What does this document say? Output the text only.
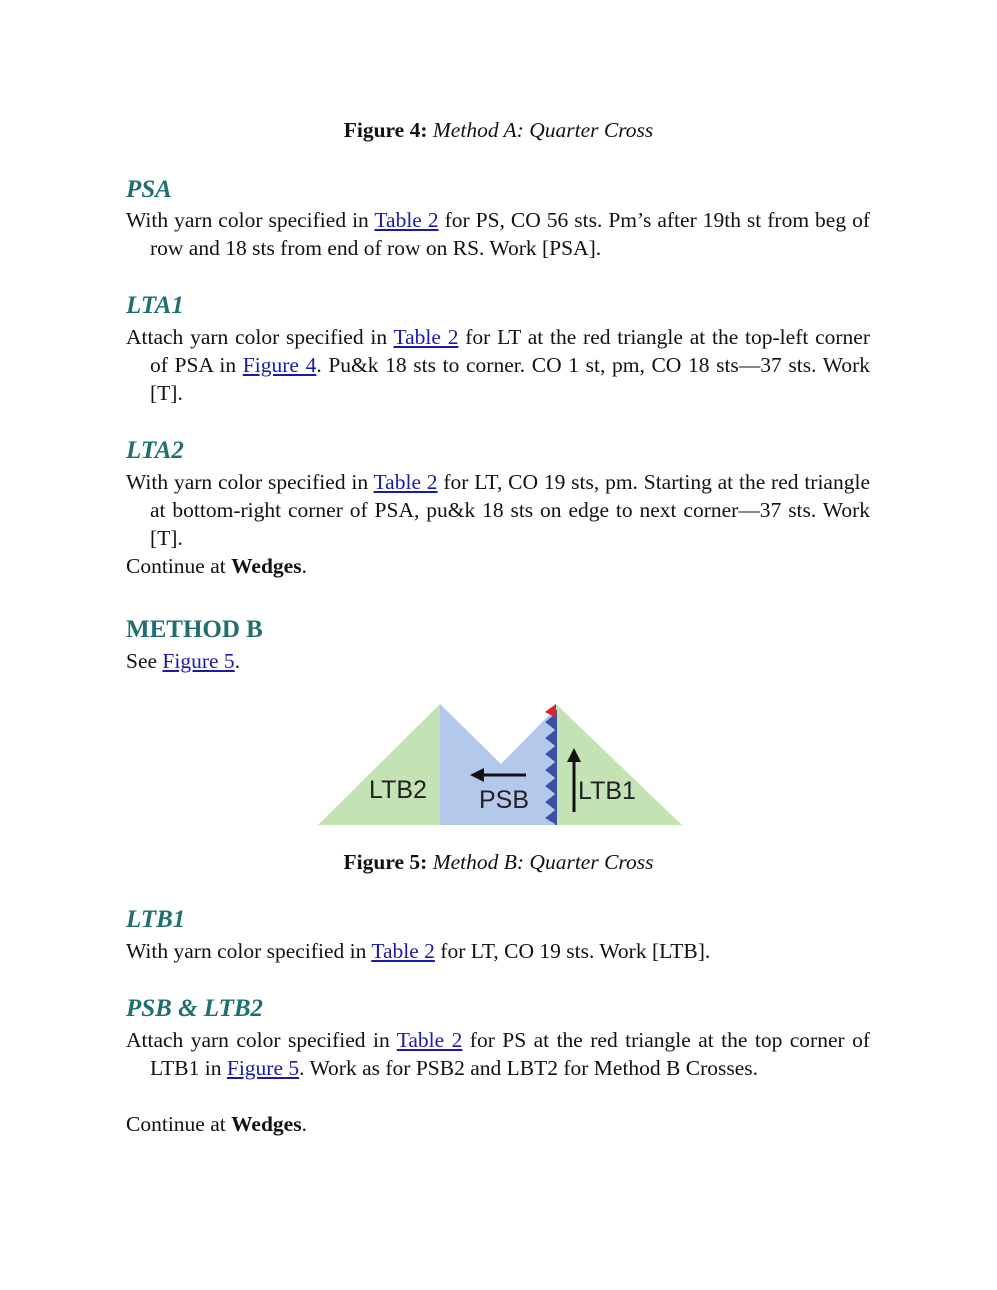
Figure 4: Method A: Quarter Cross
PSA
With yarn color specified in Table 2 for PS, CO 56 sts. Pm’s after 19th st from beg of row and 18 sts from end of row on RS. Work [PSA].
LTA1
Attach yarn color specified in Table 2 for LT at the red triangle at the top-left corner of PSA in Figure 4. Pu&k 18 sts to corner. CO 1 st, pm, CO 18 sts—37 sts. Work [T].
LTA2
With yarn color specified in Table 2 for LT, CO 19 sts, pm. Starting at the red triangle at bottom-right corner of PSA, pu&k 18 sts on edge to next corner—37 sts. Work [T].
Continue at Wedges.
METHOD B
See Figure 5.
LTB2 PSB LTB1
Figure 5: Method B: Quarter Cross
LTB1
With yarn color specified in Table 2 for LT, CO 19 sts. Work [LTB].
PSB & LTB2
Attach yarn color specified in Table 2 for PS at the red triangle at the top corner of LTB1 in Figure 5. Work as for PSB2 and LBT2 for Method B Crosses.
Continue at Wedges.
